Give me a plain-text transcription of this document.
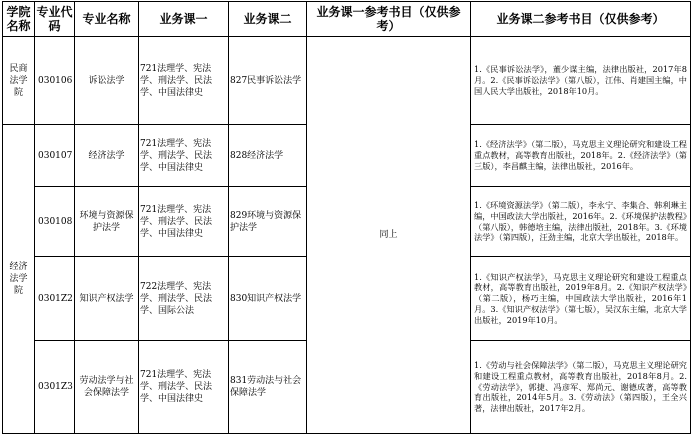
学院名称	专业代码	专业名称	业务课一	业务课二	业务课一参考书目（仅供参考）	业务课二参考书目（仅供参考）
民商法学院	030106	诉讼法学	721法理学、宪法学、刑法学、民法学、中国法律史	827民事诉讼法学	同上	1.《民事诉讼法学》，董少谋主编，法律出版社，2017年8月。2.《民事诉讼法学》（第八版），江伟、肖建国主编，中国人民大学出版社，2018年10月。
经济法学院	030107	经济法学	721法理学、宪法学、刑法学、民法学、中国法律史	828经济法学		1.《经济法学》（第二版），马克思主义理论研究和建设工程重点教材，高等教育出版社，2018年。2.《经济法学》（第三版），李昌麒主编，法律出版社，2016年。
	030108	环境与资源保护法学	721法理学、宪法学、刑法学、民法学、中国法律史	829环境与资源保护法学		1.《环境资源法学》（第二版），李永宁、李集合、韩利琳主编，中国政法大学出版社，2016年。2.《环境保护法教程》（第八版），韩德培主编，法律出版社，2018年。3.《环境法学》（第四版），汪劲主编，北京大学出版社，2018年。
	0301Z2	知识产权法学	722法理学、宪法学、刑法学、民法学、国际公法	830知识产权法学		1.《知识产权法学》，马克思主义理论研究和建设工程重点教材，高等教育出版社，2019年8月。2.《知识产权法学》（第二版），杨巧主编，中国政法大学出版社，2016年1月。3.《知识产权法学》（第七版），吴汉东主编，北京大学出版社，2019年10月。
	0301Z3	劳动法学与社会保障法学	721法理学、宪法学、刑法学、民法学、中国法律史	831劳动法与社会保障法学		1.《劳动与社会保障法学》（第二版），马克思主义理论研究和建设工程重点教材，高等教育出版社，2018年8月。2.《劳动法学》，郭捷、冯彦军、郑尚元、谢德成著，高等教育出版社，2014年5月。3.《劳动法》（第四版），王全兴著，法律出版社，2017年2月。
